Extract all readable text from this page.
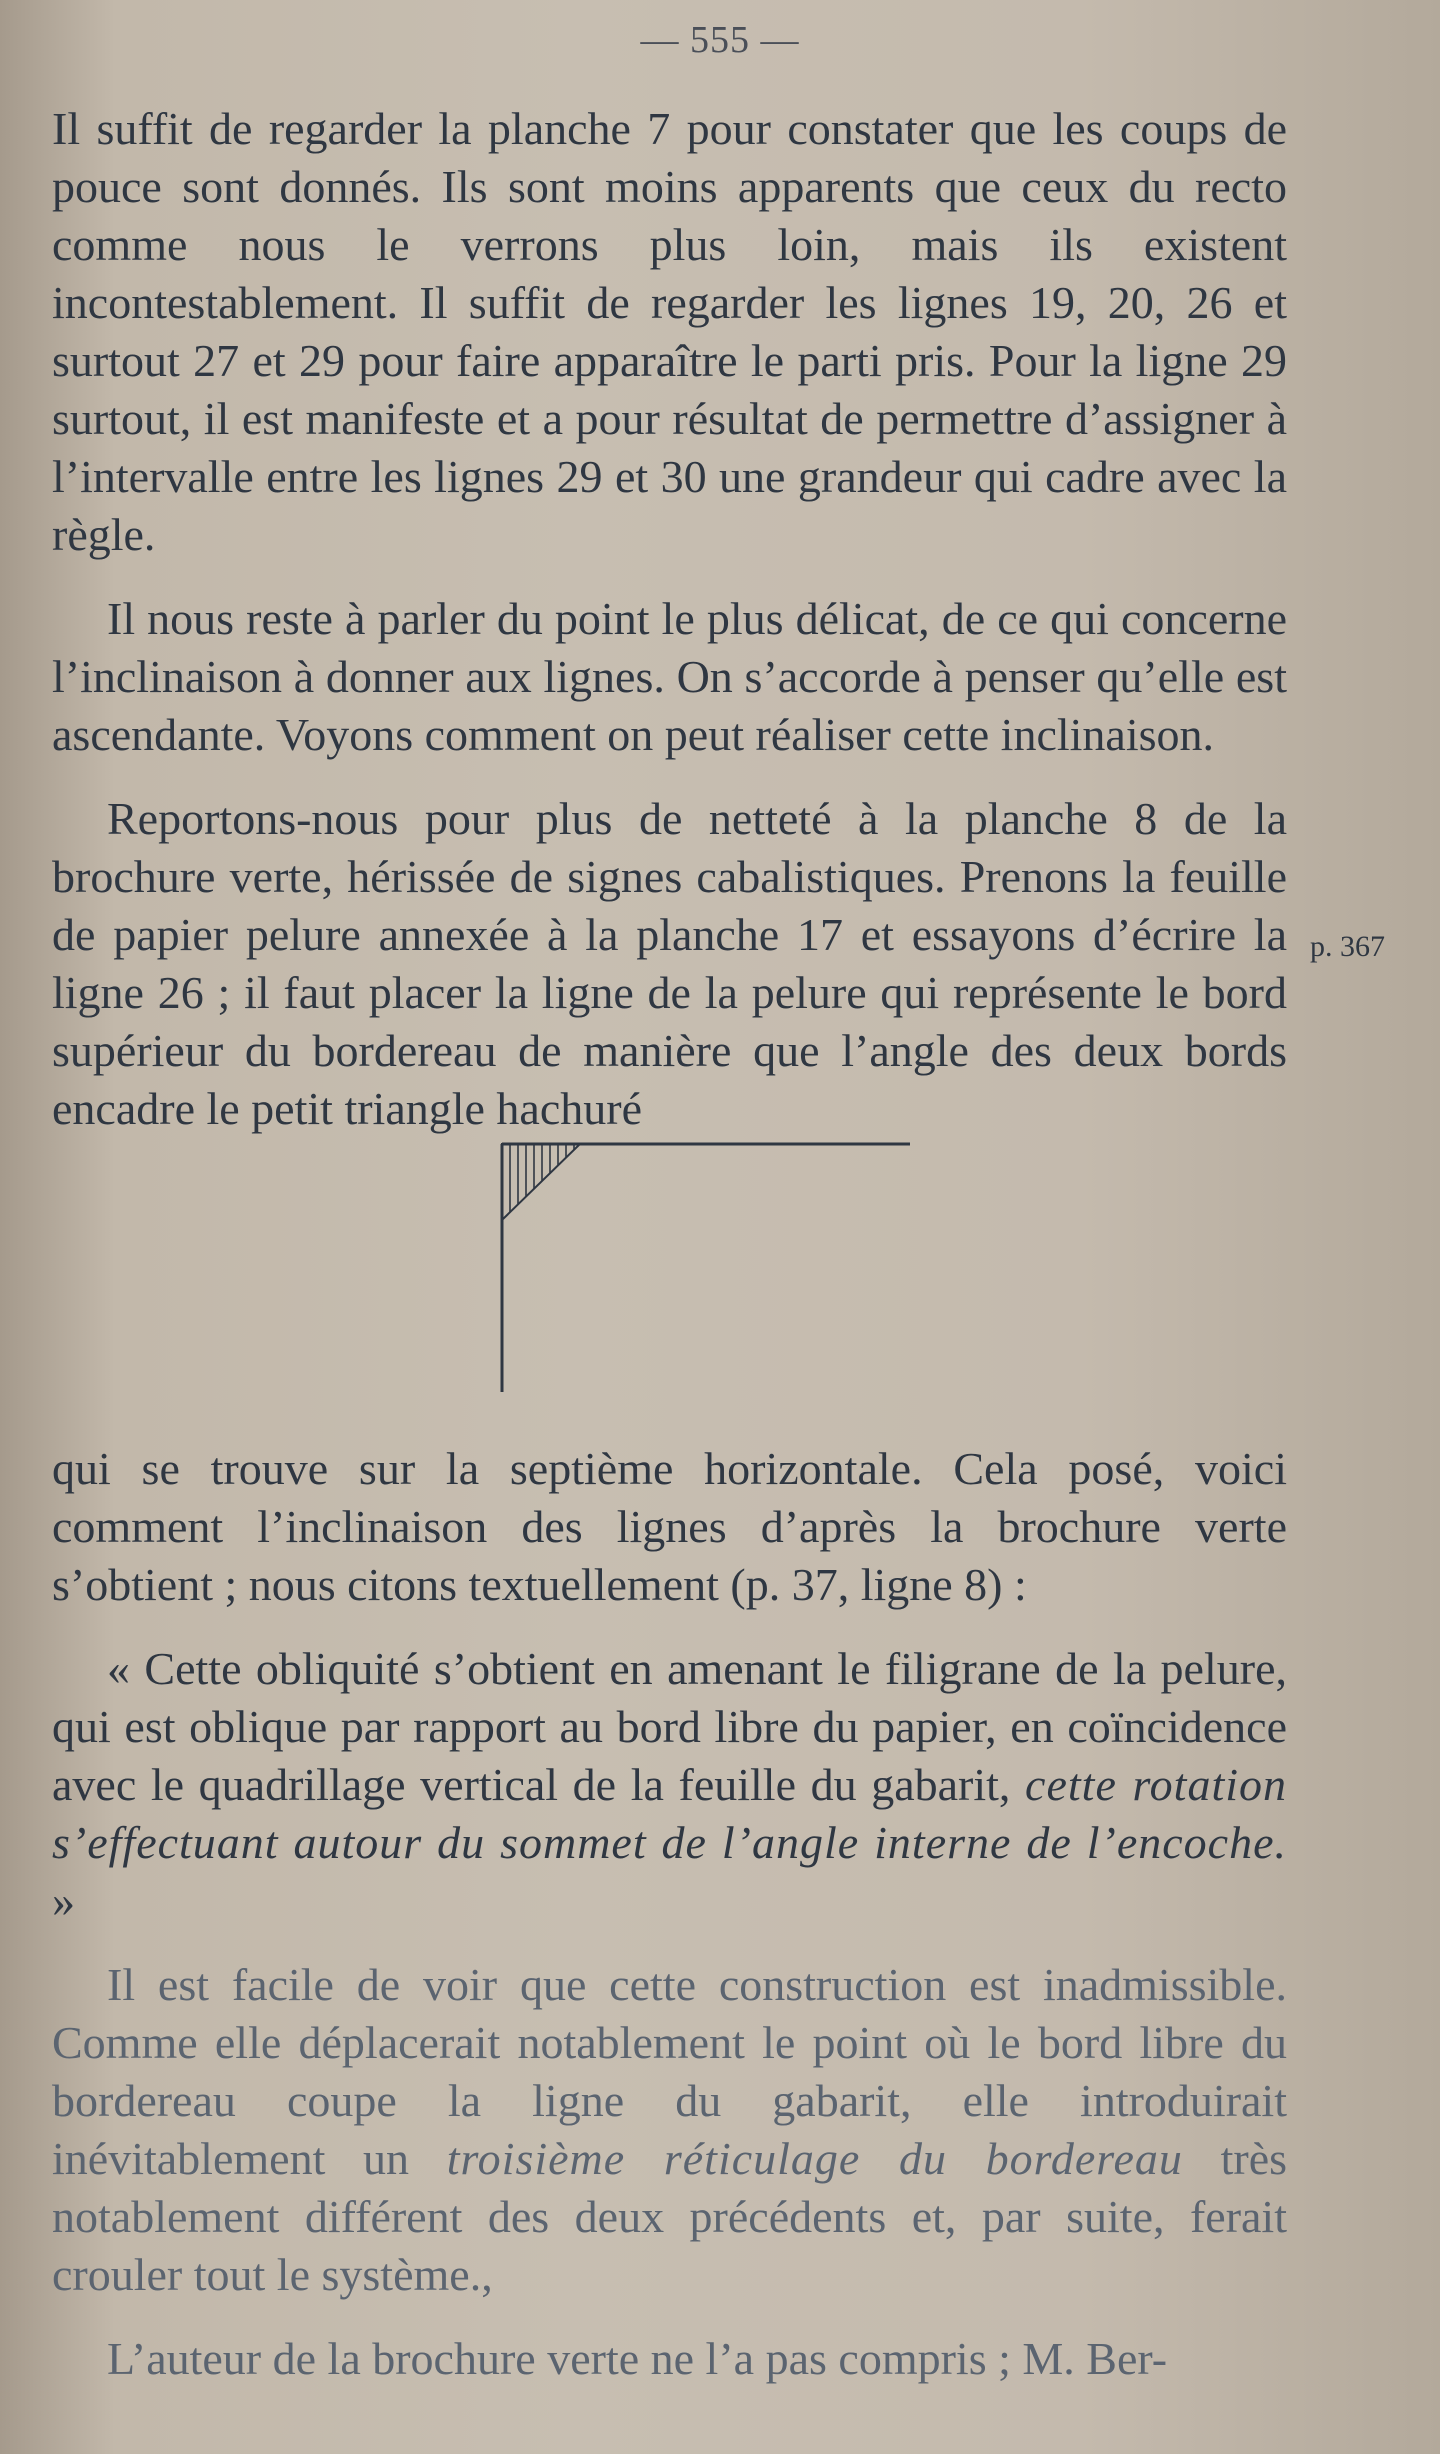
— 555 —

Il suffit de regarder la planche 7 pour constater que les coups de pouce sont donnés. Ils sont moins apparents que ceux du recto comme nous le verrons plus loin, mais ils existent incontestablement. Il suffit de regarder les lignes 19, 20, 26 et surtout 27 et 29 pour faire apparaître le parti pris. Pour la ligne 29 surtout, il est manifeste et a pour résultat de permettre d’assigner à l’intervalle entre les lignes 29 et 30 une grandeur qui cadre avec la règle.

Il nous reste à parler du point le plus délicat, de ce qui concerne l’inclinaison à donner aux lignes. On s’accorde à penser qu’elle est ascendante. Voyons comment on peut réaliser cette inclinaison.

Reportons-nous pour plus de netteté à la planche 8 de la brochure verte, hérissée de signes cabalistiques. Prenons la feuille de papier pelure annexée à la planche 17 et essayons d’écrire la ligne 26 ; il faut placer la ligne de la pelure qui représente le bord supérieur du bordereau de manière que l’angle des deux bords encadre le petit triangle hachuré

p. 367

qui se trouve sur la septième horizontale. Cela posé, voici comment l’inclinaison des lignes d’après la brochure verte s’obtient ; nous citons textuellement (p. 37, ligne 8) :

« Cette obliquité s’obtient en amenant le filigrane de la pelure, qui est oblique par rapport au bord libre du papier, en coïncidence avec le quadrillage vertical de la feuille du gabarit, cette rotation s’effectuant autour du sommet de l’angle interne de l’encoche. »

Il est facile de voir que cette construction est inadmissible. Comme elle déplacerait notablement le point où le bord libre du bordereau coupe la ligne du gabarit, elle introduirait inévitablement un troisième réticulage du bordereau très notablement différent des deux précédents et, par suite, ferait crouler tout le système.,

L’auteur de la brochure verte ne l’a pas compris ; M. Ber-
